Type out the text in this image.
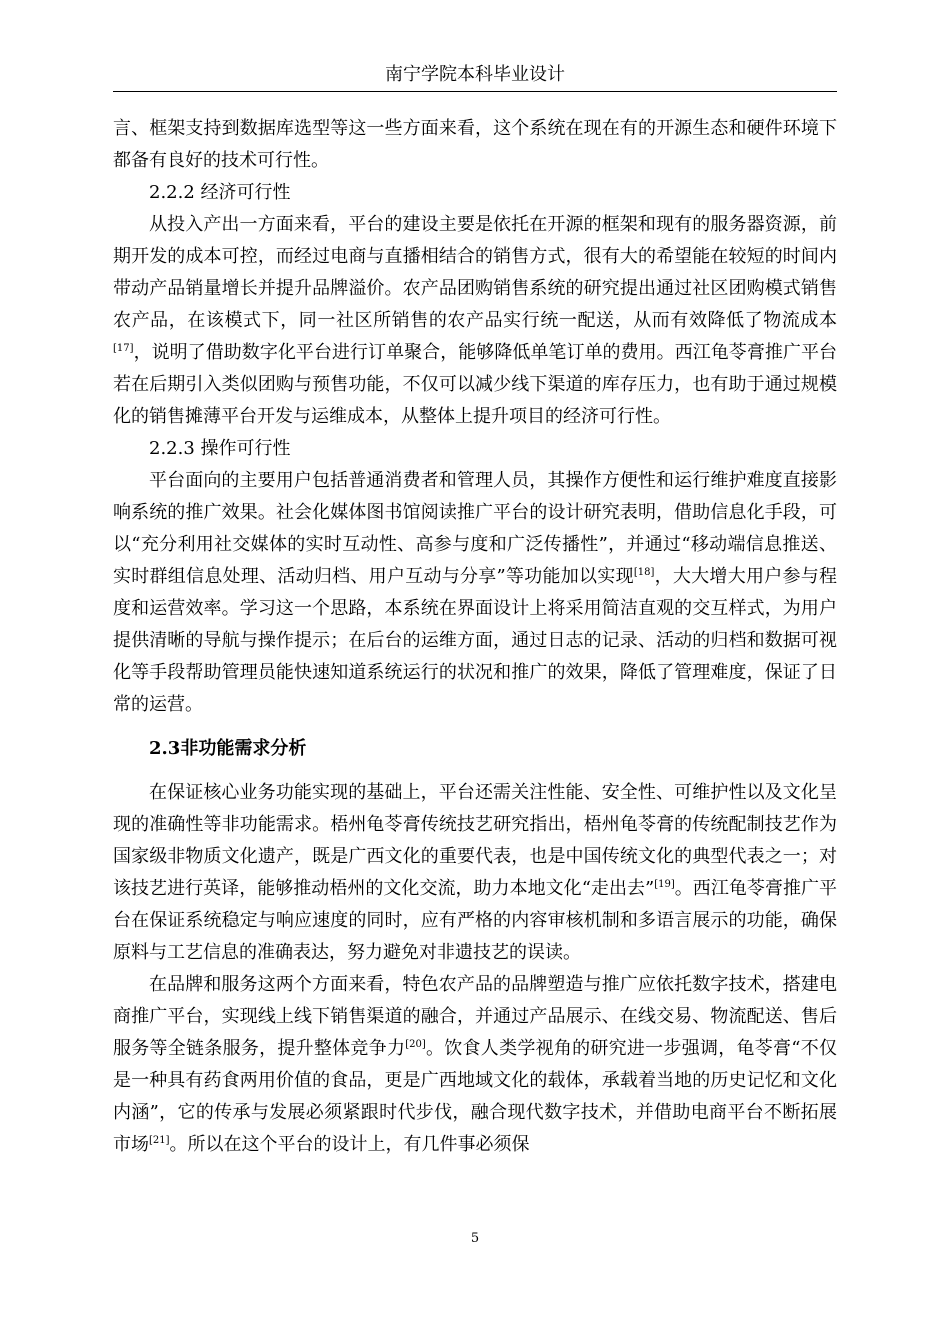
南宁学院本科毕业设计

言、框架支持到数据库选型等这一些方面来看，这个系统在现在有的开源生态和硬件环境下都备有良好的技术可行性。

2.2.2 经济可行性

从投入产出一方面来看，平台的建设主要是依托在开源的框架和现有的服务器资源，前期开发的成本可控，而经过电商与直播相结合的销售方式，很有大的希望能在较短的时间内带动产品销量增长并提升品牌溢价。农产品团购销售系统的研究提出通过社区团购模式销售农产品，在该模式下，同一社区所销售的农产品实行统一配送，从而有效降低了物流成本[17]，说明了借助数字化平台进行订单聚合，能够降低单笔订单的费用。西江龟苓膏推广平台若在后期引入类似团购与预售功能，不仅可以减少线下渠道的库存压力，也有助于通过规模化的销售摊薄平台开发与运维成本，从整体上提升项目的经济可行性。

2.2.3 操作可行性

平台面向的主要用户包括普通消费者和管理人员，其操作方便性和运行维护难度直接影响系统的推广效果。社会化媒体图书馆阅读推广平台的设计研究表明，借助信息化手段，可以“充分利用社交媒体的实时互动性、高参与度和广泛传播性”，并通过“移动端信息推送、实时群组信息处理、活动归档、用户互动与分享”等功能加以实现[18]，大大增大用户参与程度和运营效率。学习这一个思路，本系统在界面设计上将采用简洁直观的交互样式，为用户提供清晰的导航与操作提示；在后台的运维方面，通过日志的记录、活动的归档和数据可视化等手段帮助管理员能快速知道系统运行的状况和推广的效果，降低了管理难度，保证了日常的运营。

2.3非功能需求分析

在保证核心业务功能实现的基础上，平台还需关注性能、安全性、可维护性以及文化呈现的准确性等非功能需求。梧州龟苓膏传统技艺研究指出，梧州龟苓膏的传统配制技艺作为国家级非物质文化遗产，既是广西文化的重要代表，也是中国传统文化的典型代表之一；对该技艺进行英译，能够推动梧州的文化交流，助力本地文化“走出去”[19]。西江龟苓膏推广平台在保证系统稳定与响应速度的同时，应有严格的内容审核机制和多语言展示的功能，确保原料与工艺信息的准确表达，努力避免对非遗技艺的误读。

在品牌和服务这两个方面来看，特色农产品的品牌塑造与推广应依托数字技术，搭建电商推广平台，实现线上线下销售渠道的融合，并通过产品展示、在线交易、物流配送、售后服务等全链条服务，提升整体竞争力[20]。饮食人类学视角的研究进一步强调，龟苓膏“不仅是一种具有药食两用价值的食品，更是广西地域文化的载体，承载着当地的历史记忆和文化内涵”，它的传承与发展必须紧跟时代步伐，融合现代数字技术，并借助电商平台不断拓展市场[21]。所以在这个平台的设计上，有几件事必须保

5
